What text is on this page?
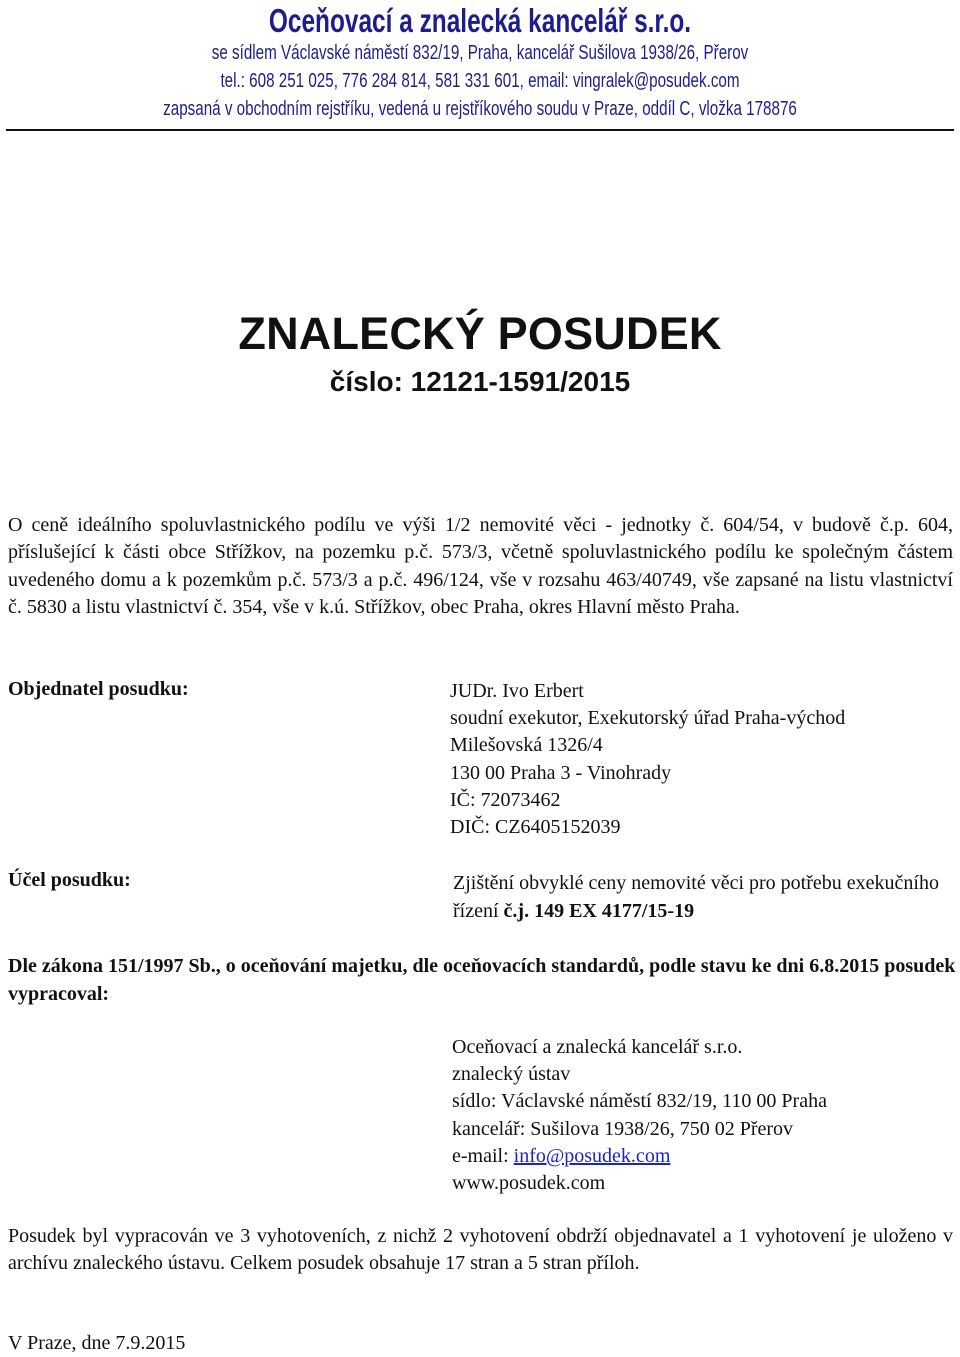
Oceňovací a znalecká kancelář s.r.o.
se sídlem Václavské náměstí 832/19, Praha, kancelář Sušilova 1938/26, Přerov
tel.: 608 251 025, 776 284 814, 581 331 601, email: vingralek@posudek.com
zapsaná v obchodním rejstříku, vedená u rejstříkového soudu v Praze, oddíl C, vložka 178876
ZNALECKÝ POSUDEK
číslo: 12121-1591/2015

O ceně ideálního spoluvlastnického podílu ve výši 1/2 nemovité věci - jednotky č. 604/54, v budově č.p. 604, příslušející k části obce Střížkov, na pozemku p.č. 573/3, včetně spoluvlastnického podílu ke společným částem uvedeného domu a k pozemkům p.č. 573/3 a p.č. 496/124, vše v rozsahu 463/40749, vše zapsané na listu vlastnictví č. 5830 a listu vlastnictví č. 354, vše v k.ú. Střížkov, obec Praha, okres Hlavní město Praha.

Objednatel posudku:	JUDr. Ivo Erbert
soudní exekutor, Exekutorský úřad Praha-východ
Milešovská 1326/4
130 00 Praha 3 - Vinohrady
IČ: 72073462
DIČ: CZ6405152039
Účel posudku:	Zjištění obvyklé ceny nemovité věci pro potřebu exekučního řízení č.j. 149 EX 4177/15-19
Dle zákona 151/1997 Sb., o oceňování majetku, dle oceňovacích standardů, podle stavu ke dni 6.8.2015 posudek vypracoval:
Oceňovací a znalecká kancelář s.r.o.
znalecký ústav
sídlo: Václavské náměstí 832/19, 110 00 Praha
kancelář: Sušilova 1938/26, 750 02 Přerov
e-mail: info@posudek.com
www.posudek.com

Posudek byl vypracován ve 3 vyhotoveních, z nichž 2 vyhotovení obdrží objednavatel a 1 vyhotovení je uloženo v archívu znaleckého ústavu. Celkem posudek obsahuje 17 stran a 5 stran příloh.

V Praze, dne 7.9.2015
